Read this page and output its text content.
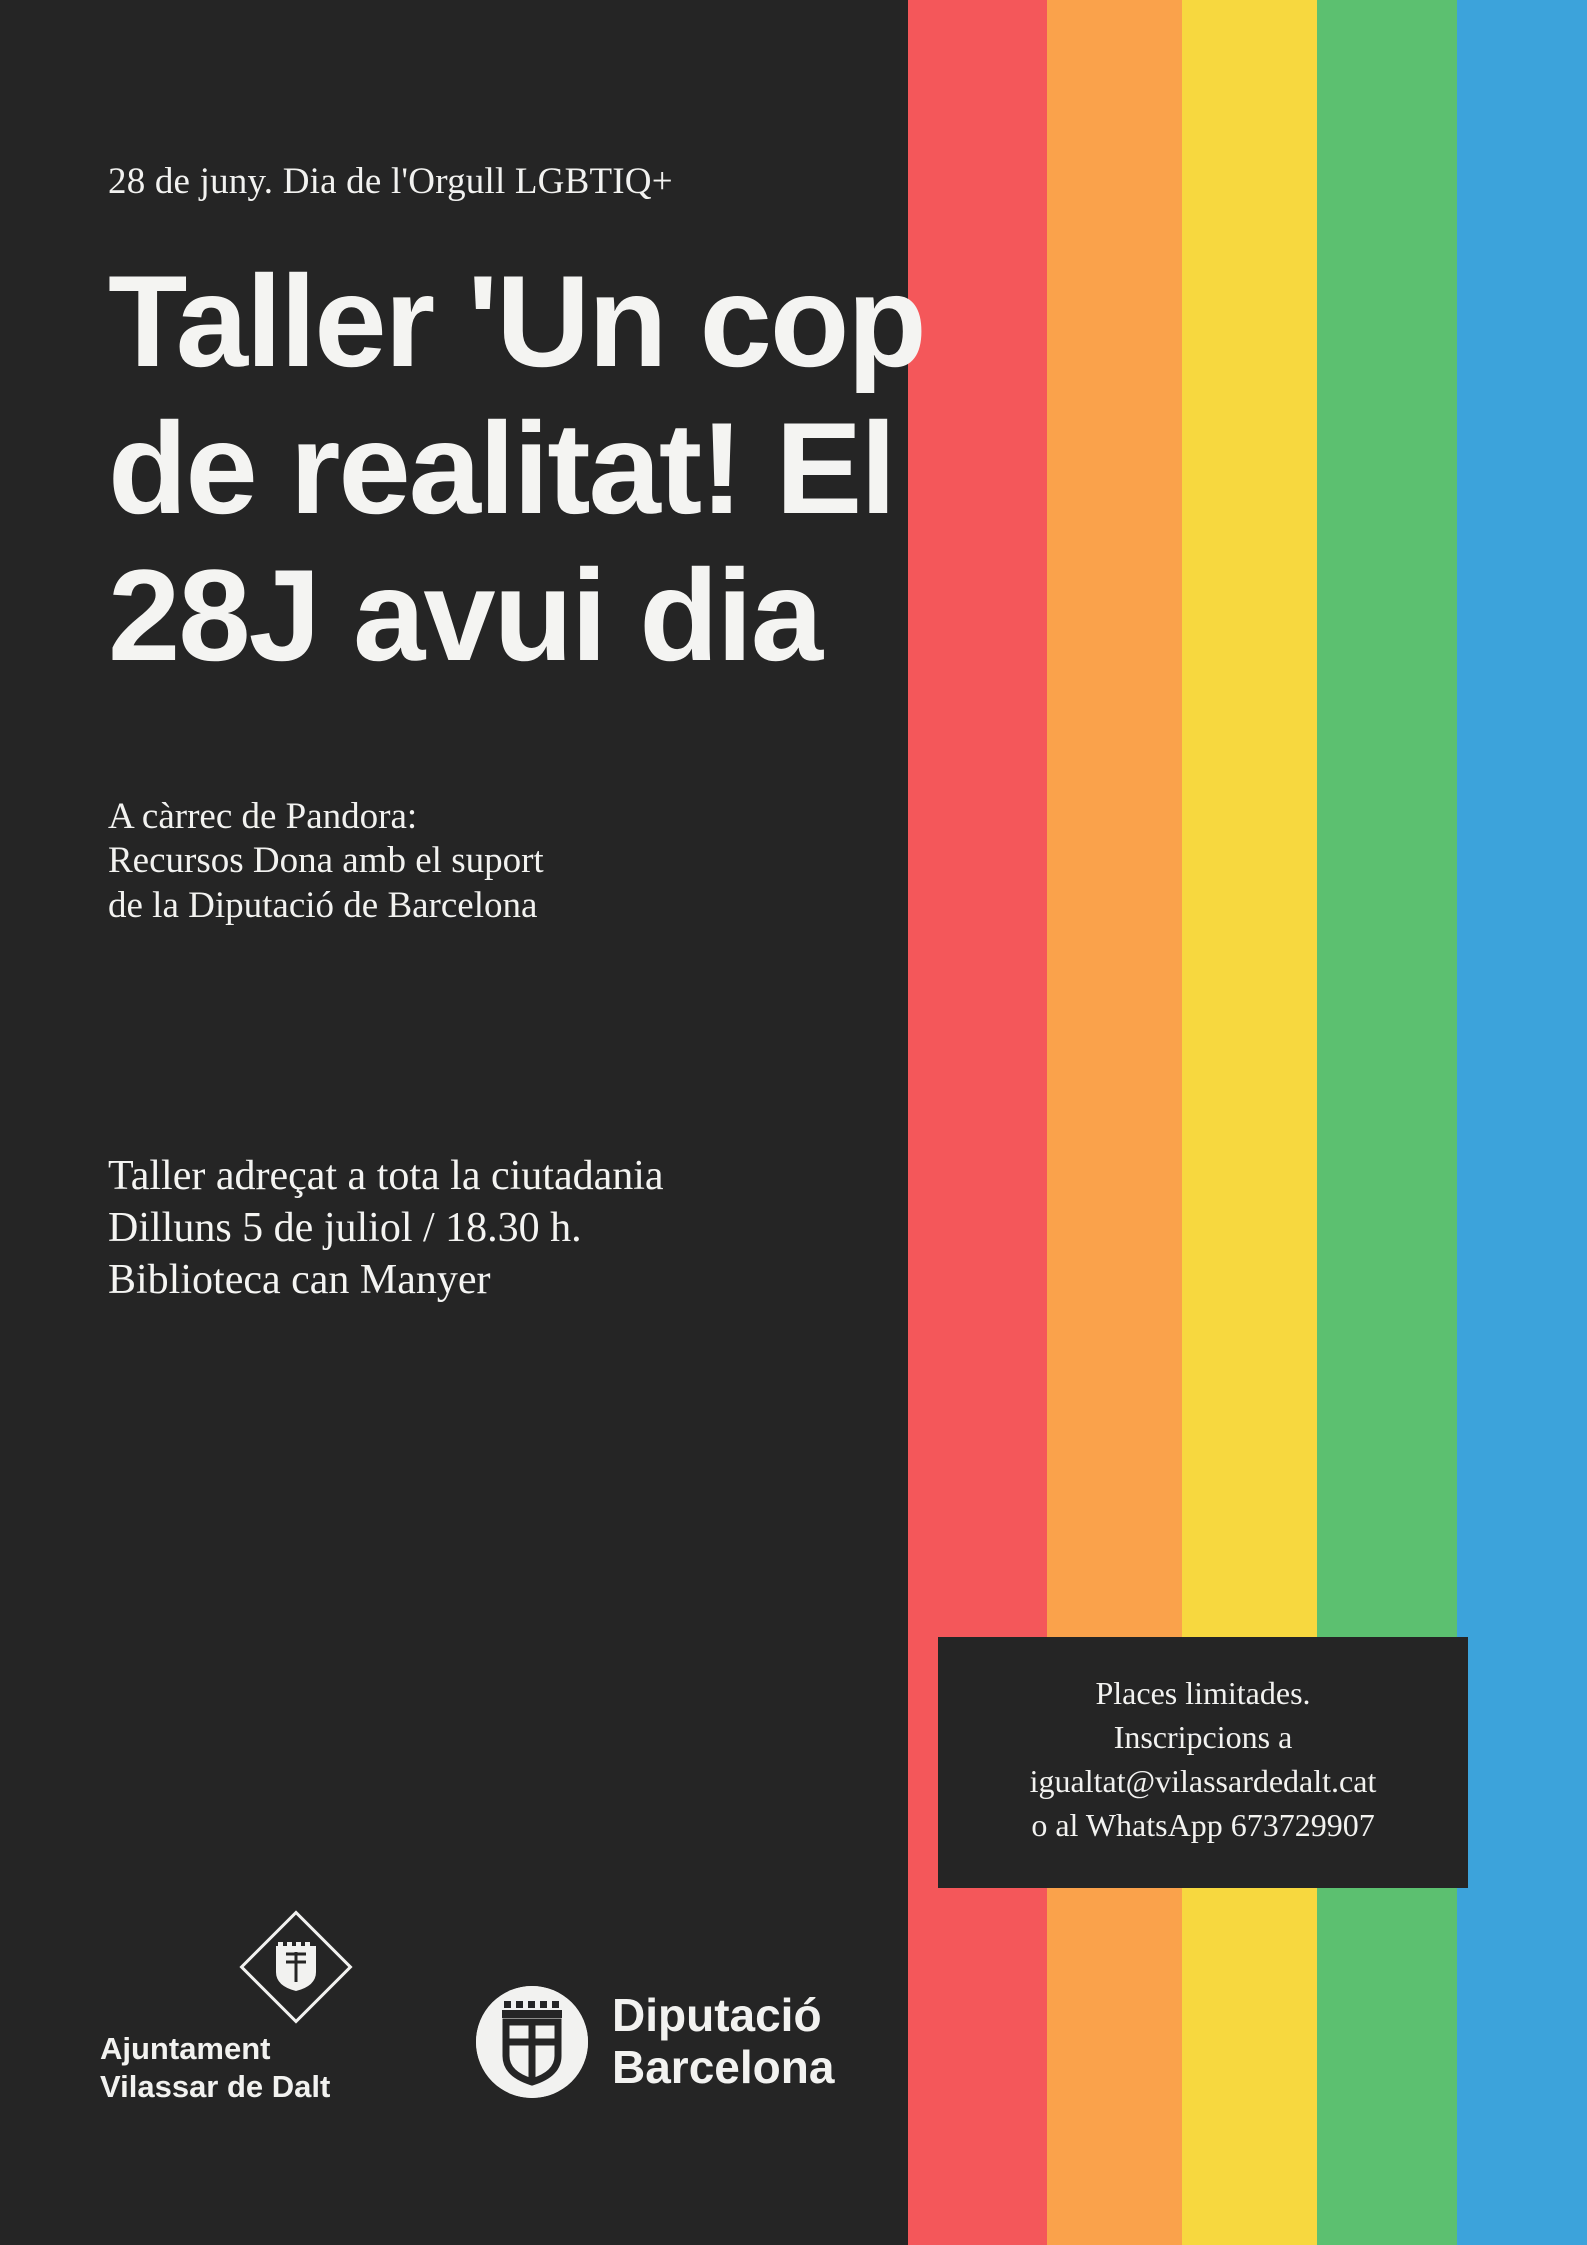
28 de juny. Dia de l'Orgull LGBTIQ+
Taller 'Un cop
de realitat! El
28J avui dia
A càrrec de Pandora:
Recursos Dona amb el suport
de la Diputació de Barcelona
Taller adreçat a tota la ciutadania
Dilluns 5 de juliol / 18.30 h.
Biblioteca can Manyer
Places limitades.
Inscripcions a
igualtat@vilassardedalt.cat
o al WhatsApp 673729907
Ajuntament
Vilassar de Dalt
Diputació
Barcelona
